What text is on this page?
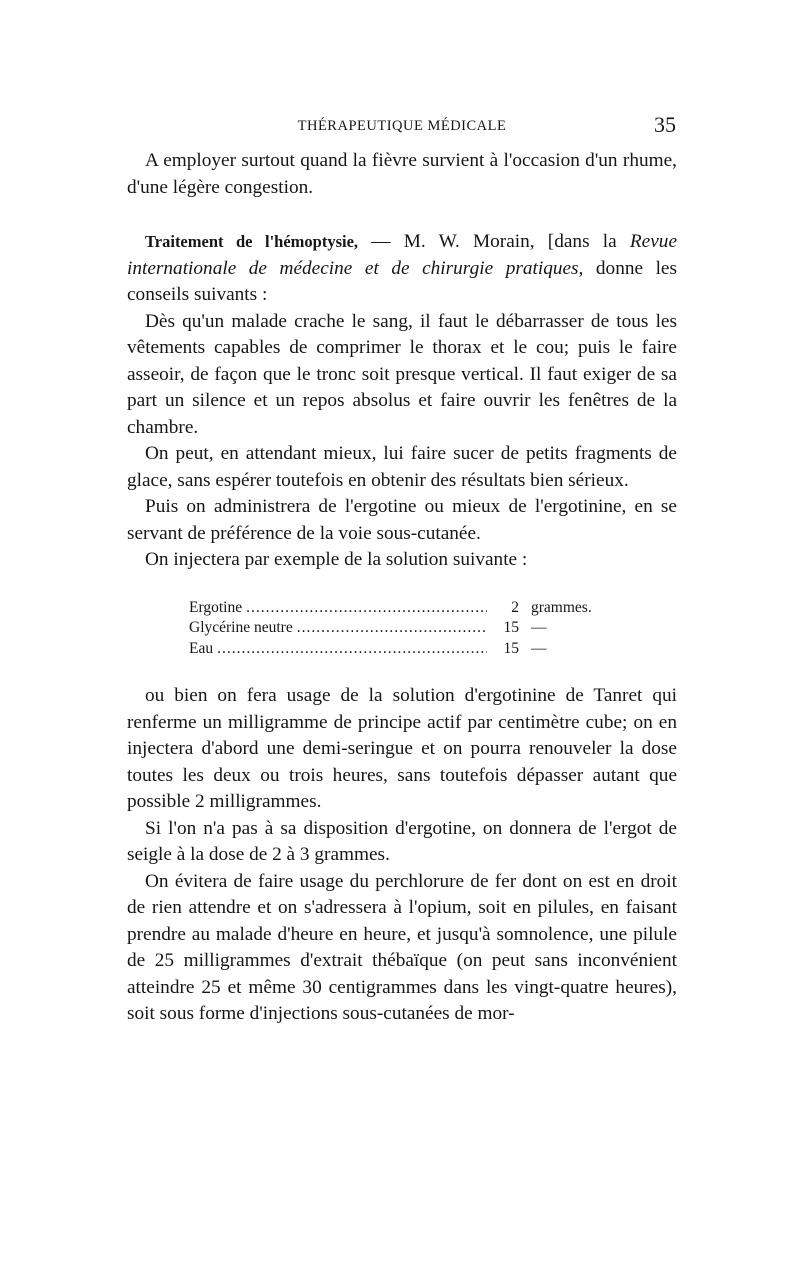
THÉRAPEUTIQUE MÉDICALE	35

A employer surtout quand la fièvre survient à l'occasion d'un rhume, d'une légère congestion.

Traitement de l'hémoptysie, — M. W. Morain, [dans la Revue internationale de médecine et de chirurgie pratiques, donne les conseils suivants :

Dès qu'un malade crache le sang, il faut le débarrasser de tous les vêtements capables de comprimer le thorax et le cou; puis le faire asseoir, de façon que le tronc soit presque vertical. Il faut exiger de sa part un silence et un repos absolus et faire ouvrir les fenêtres de la chambre.

On peut, en attendant mieux, lui faire sucer de petits fragments de glace, sans espérer toutefois en obtenir des résultats bien sérieux.

Puis on administrera de l'ergotine ou mieux de l'ergotinine, en se servant de préférence de la voie sous-cutanée.

On injectera par exemple de la solution suivante :

Ergotine .....	2 grammes.
Glycérine neutre .....	15 —
Eau .....	15 —

ou bien on fera usage de la solution d'ergotinine de Tanret qui renferme un milligramme de principe actif par centimètre cube; on en injectera d'abord une demi-seringue et on pourra renouveler la dose toutes les deux ou trois heures, sans toutefois dépasser autant que possible 2 milligrammes.

Si l'on n'a pas à sa disposition d'ergotine, on donnera de l'ergot de seigle à la dose de 2 à 3 grammes.

On évitera de faire usage du perchlorure de fer dont on est en droit de rien attendre et on s'adressera à l'opium, soit en pilules, en faisant prendre au malade d'heure en heure, et jusqu'à somnolence, une pilule de 25 milligrammes d'extrait thébaïque (on peut sans inconvénient atteindre 25 et même 30 centigrammes dans les vingt-quatre heures), soit sous forme d'injections sous-cutanées de mor-
